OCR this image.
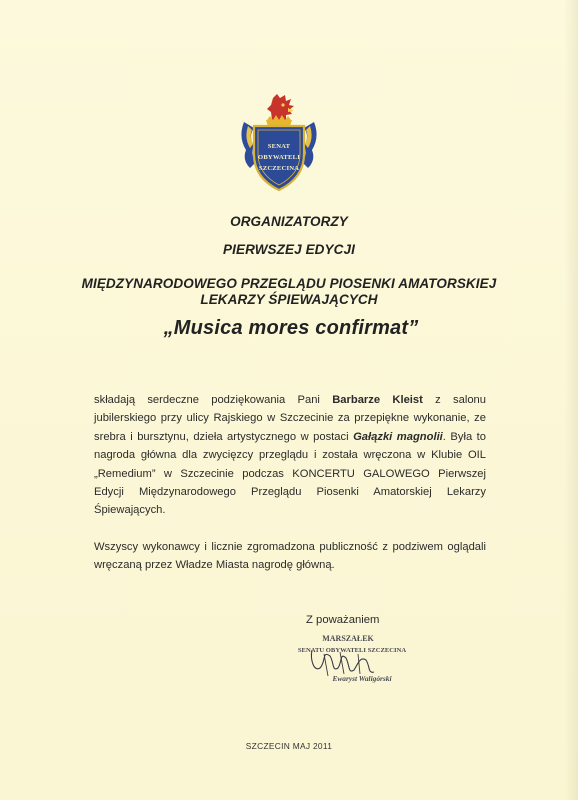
SENAT
OBYWATELI
SZCZECINA
ORGANIZATORZY
PIERWSZEJ EDYCJI
MIĘDZYNARODOWEGO PRZEGLĄDU PIOSENKI AMATORSKIEJ
LEKARZY ŚPIEWAJĄCYCH
„Musica mores confirmat”

składają serdeczne podziękowania Pani Barbarze Kleist z salonu jubilerskiego przy ulicy Rajskiego w Szczecinie za przepiękne wykonanie, ze srebra i bursztynu, dzieła artystycznego w postaci Gałązki magnolii. Była to nagroda główna dla zwycięzcy przeglądu i została wręczona w Klubie OIL „Remedium” w Szczecinie podczas KONCERTU GALOWEGO Pierwszej Edycji Międzynarodowego Przeglądu Piosenki Amatorskiej Lekarzy Śpiewających.

Wszyscy wykonawcy i licznie zgromadzona publiczność z podziwem oglądali wręczaną przez Władze Miasta nagrodę główną.

Z poważaniem
MARSZAŁEK
SENATU OBYWATELI SZCZECINA
Ewaryst Waligórski
SZCZECIN MAJ 2011
